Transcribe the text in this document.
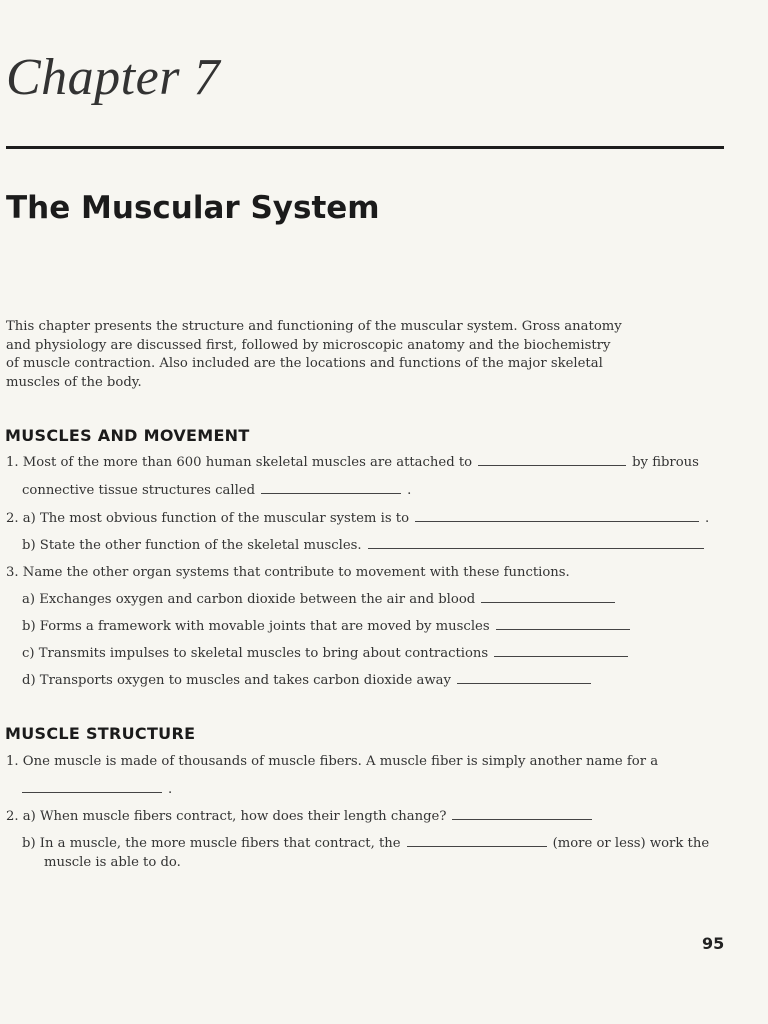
Chapter 7
The Muscular System
This chapter presents the structure and functioning of the muscular system. Gross anatomy and physiology are discussed first, followed by microscopic anatomy and the biochemistry of muscle contraction. Also included are the locations and functions of the major skeletal muscles of the body.
MUSCLES AND MOVEMENT
1. Most of the more than 600 human skeletal muscles are attached to	by fibrous
connective tissue structures called	.
2. a) The most obvious function of the muscular system is to	.
b) State the other function of the skeletal muscles.
3. Name the other organ systems that contribute to movement with these functions.
a) Exchanges oxygen and carbon dioxide between the air and blood
b) Forms a framework with movable joints that are moved by muscles
c) Transmits impulses to skeletal muscles to bring about contractions
d) Transports oxygen to muscles and takes carbon dioxide away
MUSCLE STRUCTURE
1. One muscle is made of thousands of muscle fibers. A muscle fiber is simply another name for a
.
2. a) When muscle fibers contract, how does their length change?
b) In a muscle, the more muscle fibers that contract, the	(more or less) work the
muscle is able to do.
95
